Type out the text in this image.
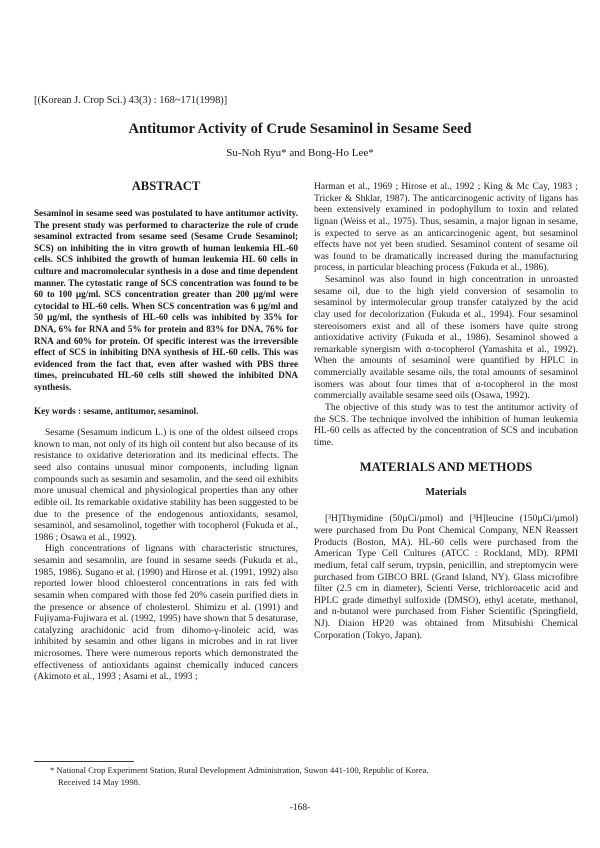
[(Korean J. Crop Sci.) 43(3) : 168~171(1998)]
Antitumor Activity of Crude Sesaminol in Sesame Seed
Su-Noh Ryu* and Bong-Ho Lee*

ABSTRACT

Sesaminol in sesame seed was postulated to have antitumor activity. The present study was performed to characterize the role of crude sesaminol extracted from sesame seed (Sesame Crude Sesaminol; SCS) on inhibiting the in vitro growth of human leukemia HL-60 cells. SCS inhibited the growth of human leukemia HL 60 cells in culture and macromolecular synthesis in a dose and time dependent manner. The cytostatic range of SCS concentration was found to be 60 to 100 µg/ml. SCS concentration greater than 200 µg/ml were cytocidal to HL-60 cells. When SCS concentration was 6 µg/ml and 50 µg/ml, the synthesis of HL-60 cells was inhibited by 35% for DNA, 6% for RNA and 5% for protein and 83% for DNA, 76% for RNA and 60% for protein. Of specific interest was the irreversible effect of SCS in inhibiting DNA synthesis of HL-60 cells. This was evidenced from the fact that, even after washed with PBS three times, preincubated HL-60 cells still showed the inhibited DNA synthesis.

Key words : sesame, antitumor, sesaminol.

Sesame (Sesamum indicum L.) is one of the oldest oilseed crops known to man, not only of its high oil content but also because of its resistance to oxidative deterioration and its medicinal effects. The seed also contains unusual minor components, including lignan compounds such as sesamin and sesamolin, and the seed oil exhibits more unusual chemical and physiological properties than any other edible oil. Its remarkable oxidative stability has been suggested to be due to the presence of the endogenous antioxidants, sesamol, sesaminol, and sesamolinol, together with tocopherol (Fukuda et al., 1986 ; Osawa et al., 1992).

High concentrations of lignans with characteristic structures, sesamin and sesamolin, are found in sesame seeds (Fukuda et al., 1985, 1986). Sugano et al. (1990) and Hirose et al. (1991, 1992) also reported lower blood chloesterol concentrations in rats fed with sesamin when compared with those fed 20% casein purified diets in the presence or absence of cholesterol. Shimizu et al. (1991) and Fujiyama-Fujiwara et al. (1992, 1995) have shown that 5 desaturase, catalyzing arachidonic acid from dihomo-γ-linoleic acid, was inhibited by sesamin and other ligans in microbes and in rat liver microsomes. There were numerous reports which demonstrated the effectiveness of antioxidants against chemically induced cancers (Akimoto et al., 1993 ; Asami et al., 1993 ;

Harman et al., 1969 ; Hirose et al., 1992 ; King & Mc Cay, 1983 ; Tricker & Shklar, 1987). The anticarcinogenic activity of ligans has been extensively examined in podophyllum to toxin and related lignan (Weiss et al., 1975). Thus, sesamin, a major lignan in sesame, is expected to serve as an anticarcinogenic agent, but sesaminol effects have not yet been studied. Sesaminol content of sesame oil was found to be dramatically increased during the manufacturing process, in particular bleaching process (Fukuda et al., 1986).

Sesaminol was also found in high concentration in unroasted sesame oil, due to the high yield conversion of sesamolin to sesaminol by intermolecular group transfer catalyzed by the acid clay used for decolorization (Fukuda et al., 1994). Four sesaminol stereoisomers exist and all of these isomers have quite strong antioxidative activity (Fukuda et al., 1986). Sesaminol showed a remarkable synergism with α-tocopherol (Yamashita et al., 1992). When the amounts of sesaminol were quantified by HPLC in commercially available sesame oils, the total amounts of sesaminol isomers was about four times that of α-tocopherol in the most commercially available sesame seed oils (Osawa, 1992).

The objective of this study was to test the antitumor activity of the SCS. The technique involved the inhibition of human leukemia HL-60 cells as affected by the concentration of SCS and incubation time.

MATERIALS AND METHODS

Materials

[³H]Thymidine (50µCi/µmol) and [³H]leucine (150µCi/µmol) were purchased from Du Pont Chemical Company, NEN Reassert Products (Boston, MA). HL-60 cells were purchased from the American Type Cell Cultures (ATCC : Rockland, MD). RPMI medium, fetal calf serum, trypsin, penicillin, and streptomycin were purchased from GIBCO BRL (Grand Island, NY). Glass microfibre filter (2.5 cm in diameter), Scienti Verse, trichloroacetic acid and HPLC grade dimethyl sulfoxide (DMSO), ethyl acetate, methanol, and n-butanol were purchased from Fisher Scientific (Springfield, NJ). Diaion HP20 was obtained from Mitsubishi Chemical Corporation (Tokyo, Japan).

* National Crop Experiment Station, Rural Development Administration, Suwon 441-100, Republic of Korea.
Received 14 May 1998.
-168-
